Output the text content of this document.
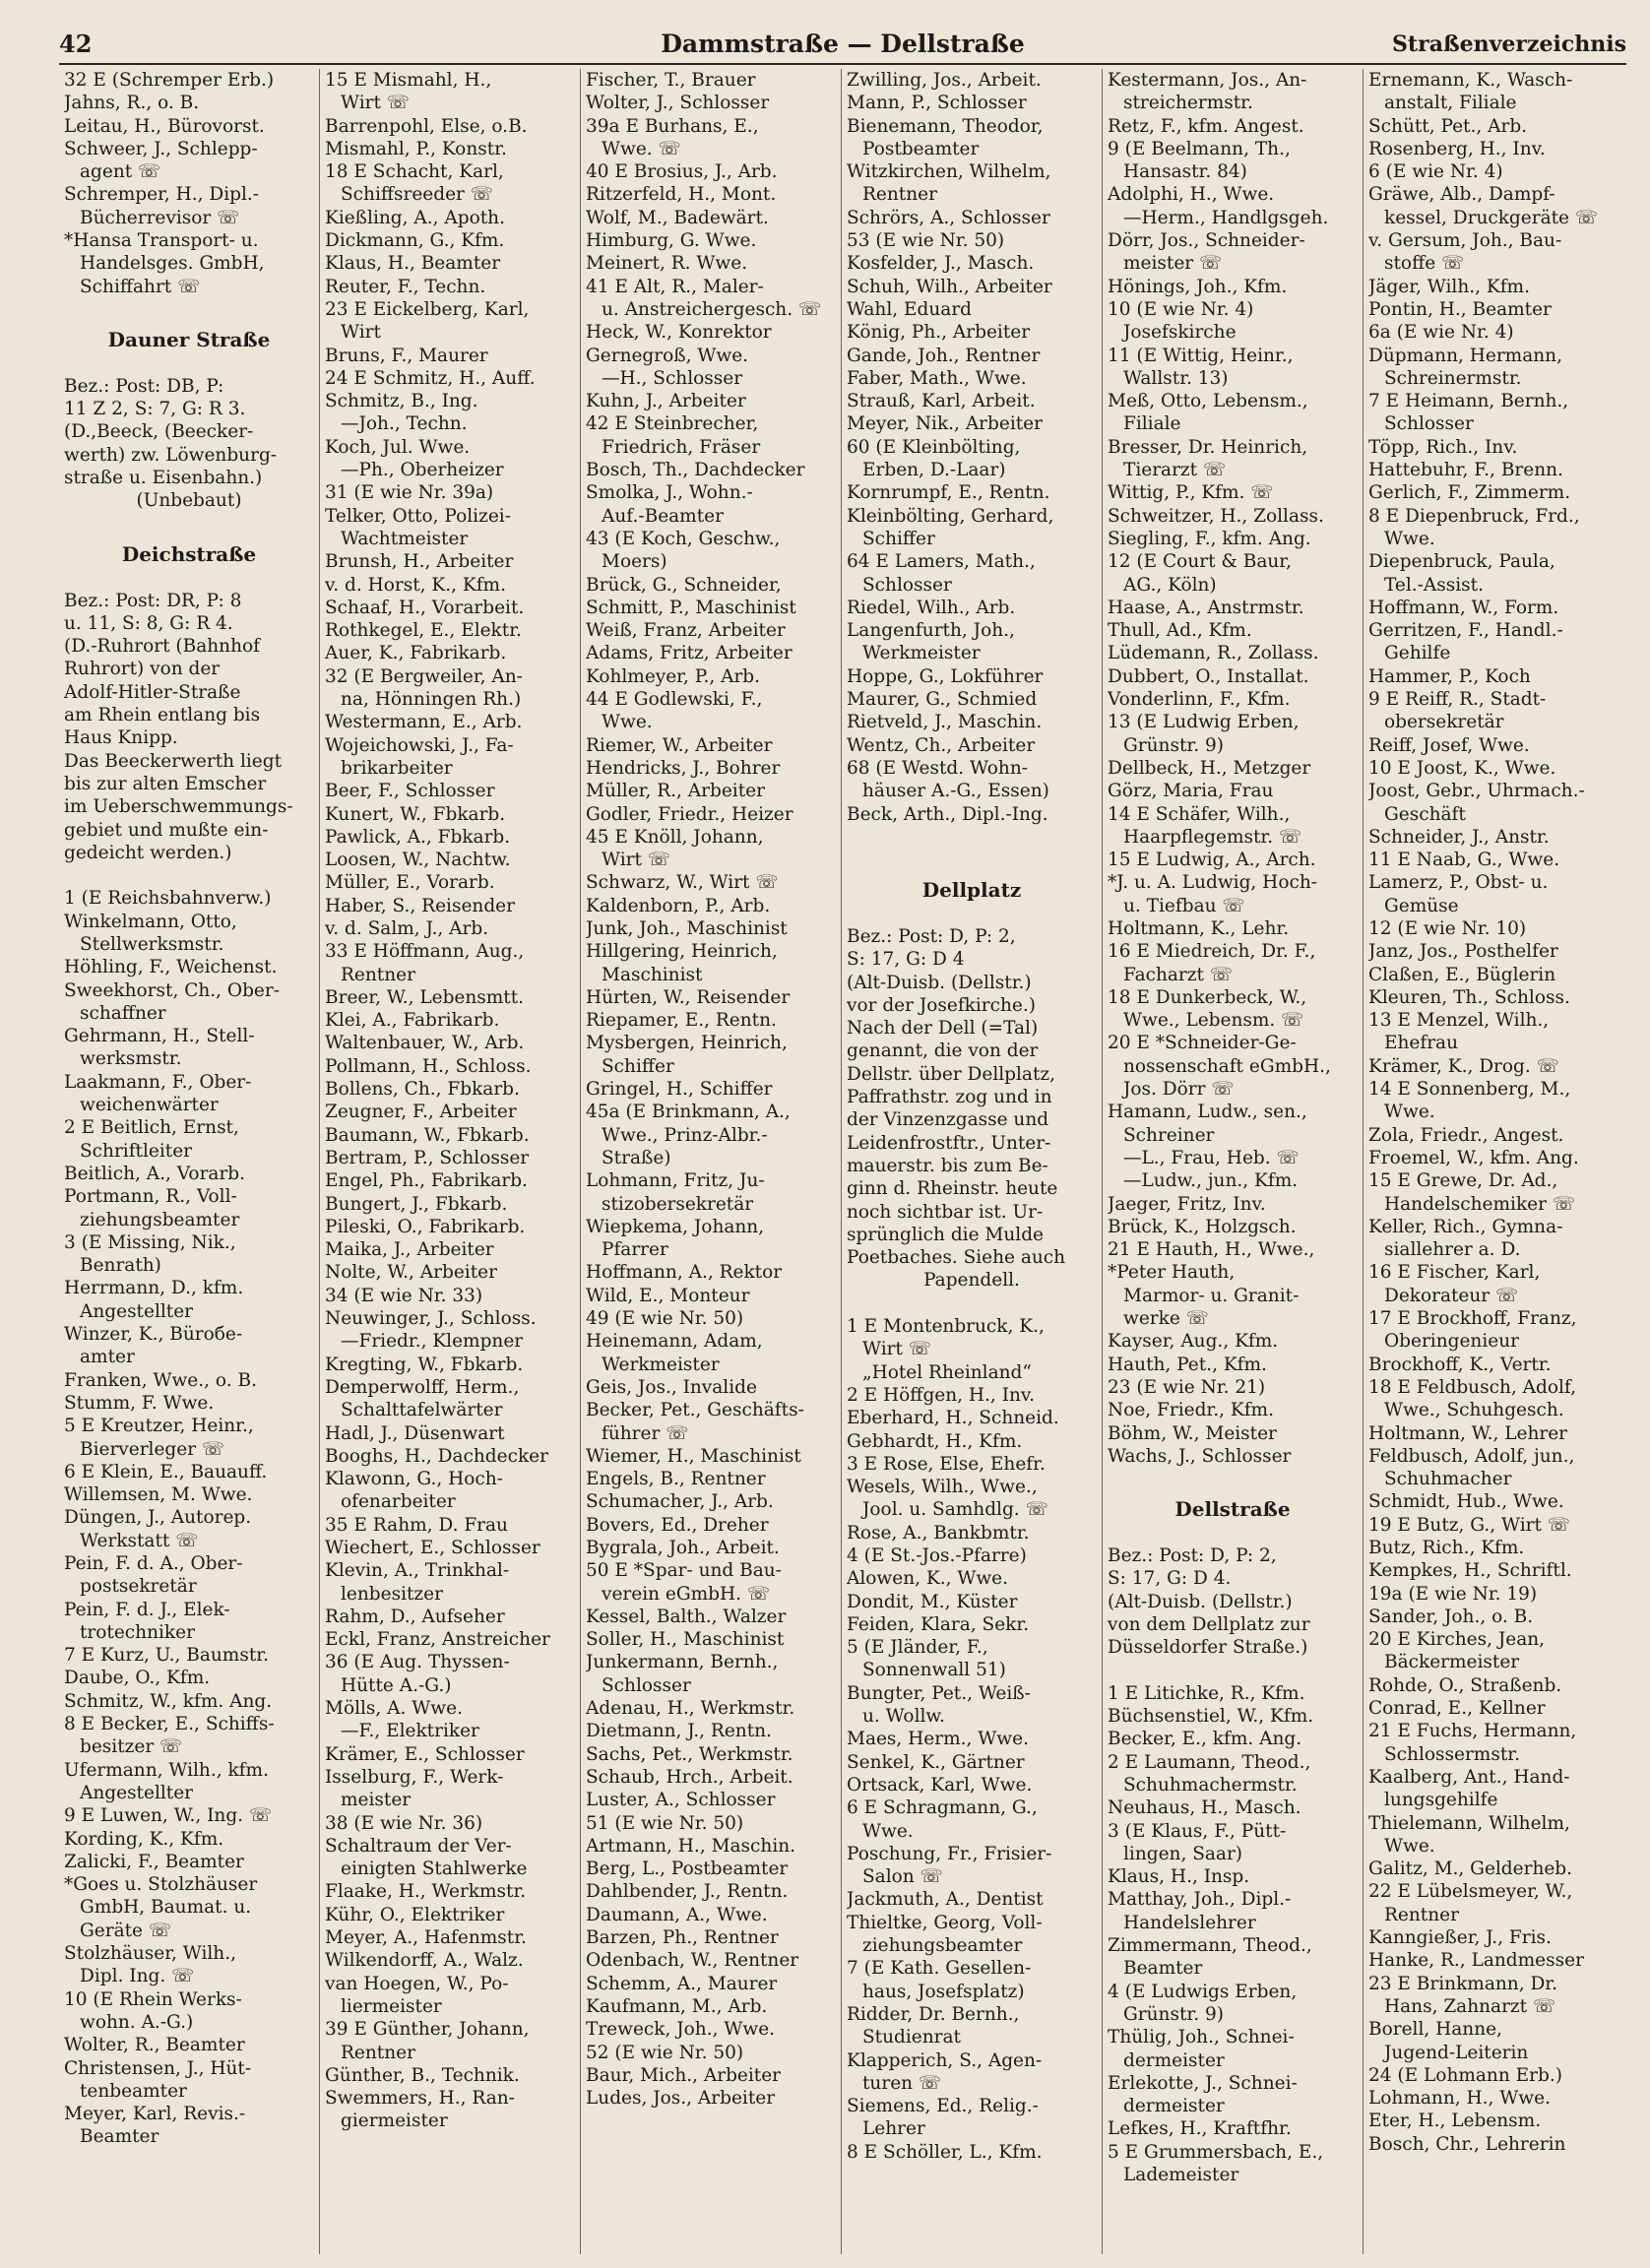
42	Dammstraße — Dellstraße	Straßenverzeichnis
32 E (Schremper Erb.)
Jahns, R., o. B.
Leitau, H., Bürovorst.
Schweer, J., Schlepp-
agent ☏
Schremper, H., Dipl.-
Bücherrevisor ☏
*Hansa Transport- u.
Handelsges. GmbH,
Schiffahrt ☏
Dauner Straße
Bez.: Post: DB, P:
11 Z 2, S: 7, G: R 3.
(D.,Beeck, (Beecker-
werth) zw. Löwenburg-
straße u. Eisenbahn.)
(Unbebaut)
Deichstraße
Bez.: Post: DR, P: 8
u. 11, S: 8, G: R 4.
(D.-Ruhrort (Bahnhof
Ruhrort) von der
Adolf-Hitler-Straße
am Rhein entlang bis
Haus Knipp.
Das Beeckerwerth liegt
bis zur alten Emscher
im Ueberschwemmungs-
gebiet und mußte ein-
gedeicht werden.)
1 (E Reichsbahnverw.)
Winkelmann, Otto,
Stellwerksmstr.
Höhling, F., Weichenst.
Sweekhorst, Ch., Ober-
schaffner
Gehrmann, H., Stell-
werksmstr.
Laakmann, F., Ober-
weichenwärter
2 E Beitlich, Ernst,
Schriftleiter
Beitlich, A., Vorarb.
Portmann, R., Voll-
ziehungsbeamter
3 (E Missing, Nik.,
Benrath)
Herrmann, D., kfm.
Angestellter
Winzer, K., Büroбe-
amter
Franken, Wwe., o. B.
Stumm, F. Wwe.
5 E Kreutzer, Heinr.,
Bierverleger ☏
6 E Klein, E., Bauauff.
Willemsen, M. Wwe.
Düngen, J., Autorep.
Werkstatt ☏
Pein, F. d. A., Ober-
postsekretär
Pein, F. d. J., Elek-
trotechniker
7 E Kurz, U., Baumstr.
Daube, O., Kfm.
Schmitz, W., kfm. Ang.
8 E Becker, E., Schiffs-
besitzer ☏
Ufermann, Wilh., kfm.
Angestellter
9 E Luwen, W., Ing. ☏
Kording, K., Kfm.
Zalicki, F., Beamter
*Goes u. Stolzhäuser
GmbH, Baumat. u.
Geräte ☏
Stolzhäuser, Wilh.,
Dipl. Ing. ☏
10 (E Rhein Werks-
wohn. A.-G.)
Wolter, R., Beamter
Christensen, J., Hüt-
tenbeamter
Meyer, Karl, Revis.-
Beamter
15 E Mismahl, H.,
Wirt ☏
Barrenpohl, Else, o.B.
Mismahl, P., Konstr.
18 E Schacht, Karl,
Schiffsreeder ☏
Kießling, A., Apoth.
Dickmann, G., Kfm.
Klaus, H., Beamter
Reuter, F., Techn.
23 E Eickelberg, Karl,
Wirt
Bruns, F., Maurer
24 E Schmitz, H., Auff.
Schmitz, B., Ing.
—Joh., Techn.
Koch, Jul. Wwe.
—Ph., Oberheizer
31 (E wie Nr. 39a)
Telker, Otto, Polizei-
Wachtmeister
Brunsh, H., Arbeiter
v. d. Horst, K., Kfm.
Schaaf, H., Vorarbeit.
Rothkegel, E., Elektr.
Auer, K., Fabrikarb.
32 (E Bergweiler, An-
na, Hönningen Rh.)
Westermann, E., Arb.
Wojeichowski, J., Fa-
brikarbeiter
Beer, F., Schlosser
Kunert, W., Fbkarb.
Pawlick, A., Fbkarb.
Loosen, W., Nachtw.
Müller, E., Vorarb.
Haber, S., Reisender
v. d. Salm, J., Arb.
33 E Höffmann, Aug.,
Rentner
Breer, W., Lebensmtt.
Klei, A., Fabrikarb.
Waltenbauer, W., Arb.
Pollmann, H., Schloss.
Bollens, Ch., Fbkarb.
Zeugner, F., Arbeiter
Baumann, W., Fbkarb.
Bertram, P., Schlosser
Engel, Ph., Fabrikarb.
Bungert, J., Fbkarb.
Pileski, O., Fabrikarb.
Maika, J., Arbeiter
Nolte, W., Arbeiter
34 (E wie Nr. 33)
Neuwinger, J., Schloss.
—Friedr., Klempner
Kregting, W., Fbkarb.
Demperwolff, Herm.,
Schalttafelwärter
Hadl, J., Düsenwart
Booghs, H., Dachdecker
Klawonn, G., Hoch-
ofenarbeiter
35 E Rahm, D. Frau
Wiechert, E., Schlosser
Klevin, A., Trinkhal-
lenbesitzer
Rahm, D., Aufseher
Eckl, Franz, Anstreicher
36 (E Aug. Thyssen-
Hütte A.-G.)
Mölls, A. Wwe.
—F., Elektriker
Krämer, E., Schlosser
Isselburg, F., Werk-
meister
38 (E wie Nr. 36)
Schaltraum der Ver-
einigten Stahlwerke
Flaake, H., Werkmstr.
Kühr, O., Elektriker
Meyer, A., Hafenmstr.
Wilkendorff, A., Walz.
van Hoegen, W., Po-
liermeister
39 E Günther, Johann,
Rentner
Günther, B., Technik.
Swemmers, H., Ran-
giermeister
Fischer, T., Brauer
Wolter, J., Schlosser
39a E Burhans, E.,
Wwe. ☏
40 E Brosius, J., Arb.
Ritzerfeld, H., Mont.
Wolf, M., Badewärt.
Himburg, G. Wwe.
Meinert, R. Wwe.
41 E Alt, R., Maler-
u. Anstreichergesch. ☏
Heck, W., Konrektor
Gernegroß, Wwe.
—H., Schlosser
Kuhn, J., Arbeiter
42 E Steinbrecher,
Friedrich, Fräser
Bosch, Th., Dachdecker
Smolka, J., Wohn.-
Auf.-Beamter
43 (E Koch, Geschw.,
Moers)
Brück, G., Schneider,
Schmitt, P., Maschinist
Weiß, Franz, Arbeiter
Adams, Fritz, Arbeiter
Kohlmeyer, P., Arb.
44 E Godlewski, F.,
Wwe.
Riemer, W., Arbeiter
Hendricks, J., Bohrer
Müller, R., Arbeiter
Godler, Friedr., Heizer
45 E Knöll, Johann,
Wirt ☏
Schwarz, W., Wirt ☏
Kaldenborn, P., Arb.
Junk, Joh., Maschinist
Hillgering, Heinrich,
Maschinist
Hürten, W., Reisender
Riepamer, E., Rentn.
Mysbergen, Heinrich,
Schiffer
Gringel, H., Schiffer
45a (E Brinkmann, A.,
Wwe., Prinz-Albr.-
Straße)
Lohmann, Fritz, Ju-
stizobersekretär
Wiepkema, Johann,
Pfarrer
Hoffmann, A., Rektor
Wild, E., Monteur
49 (E wie Nr. 50)
Heinemann, Adam,
Werkmeister
Geis, Jos., Invalide
Becker, Pet., Geschäfts-
führer ☏
Wiemer, H., Maschinist
Engels, B., Rentner
Schumacher, J., Arb.
Bovers, Ed., Dreher
Bygrala, Joh., Arbeit.
50 E *Spar- und Bau-
verein eGmbH. ☏
Kessel, Balth., Walzer
Soller, H., Maschinist
Junkermann, Bernh.,
Schlosser
Adenau, H., Werkmstr.
Dietmann, J., Rentn.
Sachs, Pet., Werkmstr.
Schaub, Hrch., Arbeit.
Luster, A., Schlosser
51 (E wie Nr. 50)
Artmann, H., Maschin.
Berg, L., Postbeamter
Dahlbender, J., Rentn.
Daumann, A., Wwe.
Barzen, Ph., Rentner
Odenbach, W., Rentner
Schemm, A., Maurer
Kaufmann, M., Arb.
Treweck, Joh., Wwe.
52 (E wie Nr. 50)
Baur, Mich., Arbeiter
Ludes, Jos., Arbeiter
Zwilling, Jos., Arbeit.
Mann, P., Schlosser
Bienemann, Theodor,
Postbeamter
Witzkirchen, Wilhelm,
Rentner
Schrörs, A., Schlosser
53 (E wie Nr. 50)
Kosfelder, J., Masch.
Schuh, Wilh., Arbeiter
Wahl, Eduard
König, Ph., Arbeiter
Gande, Joh., Rentner
Faber, Math., Wwe.
Strauß, Karl, Arbeit.
Meyer, Nik., Arbeiter
60 (E Kleinbölting,
Erben, D.-Laar)
Kornrumpf, E., Rentn.
Kleinbölting, Gerhard,
Schiffer
64 E Lamers, Math.,
Schlosser
Riedel, Wilh., Arb.
Langenfurth, Joh.,
Werkmeister
Hoppe, G., Lokführer
Maurer, G., Schmied
Rietveld, J., Maschin.
Wentz, Ch., Arbeiter
68 (E Westd. Wohn-
häuser A.-G., Essen)
Beck, Arth., Dipl.-Ing.
Dellplatz
Bez.: Post: D, P: 2,
S: 17, G: D 4
(Alt-Duisb. (Dellstr.)
vor der Josefkirche.)
Nach der Dell (=Tal)
genannt, die von der
Dellstr. über Dellplatz,
Paffrathstr. zog und in
der Vinzenzgasse und
Leidenfrostftr., Unter-
mauerstr. bis zum Be-
ginn d. Rheinstr. heute
noch sichtbar ist. Ur-
sprünglich die Mulde
Poetbaches. Siehe auch
Papendell.
1 E Montenbruck, K.,
Wirt ☏
„Hotel Rheinland“
2 E Höffgen, H., Inv.
Eberhard, H., Schneid.
Gebhardt, H., Kfm.
3 E Rose, Else, Ehefr.
Wesels, Wilh., Wwe.,
Jool. u. Samhdlg. ☏
Rose, A., Bankbmtr.
4 (E St.-Jos.-Pfarre)
Alowen, K., Wwe.
Dondit, M., Küster
Feiden, Klara, Sekr.
5 (E Jländer, F.,
Sonnenwall 51)
Bungter, Pet., Weiß-
u. Wollw.
Maes, Herm., Wwe.
Senkel, K., Gärtner
Ortsack, Karl, Wwe.
6 E Schragmann, G.,
Wwe.
Poschung, Fr., Frisier-
Salon ☏
Jackmuth, A., Dentist
Thieltke, Georg, Voll-
ziehungsbeamter
7 (E Kath. Gesellen-
haus, Josefsplatz)
Ridder, Dr. Bernh.,
Studienrat
Klapperich, S., Agen-
turen ☏
Siemens, Ed., Relig.-
Lehrer
8 E Schöller, L., Kfm.
Kestermann, Jos., An-
streichermstr.
Retz, F., kfm. Angest.
9 (E Beelmann, Th.,
Hansastr. 84)
Adolphi, H., Wwe.
—Herm., Handlgsgeh.
Dörr, Jos., Schneider-
meister ☏
Hönings, Joh., Kfm.
10 (E wie Nr. 4)
Josefskirche
11 (E Wittig, Heinr.,
Wallstr. 13)
Meß, Otto, Lebensm.,
Filiale
Bresser, Dr. Heinrich,
Tierarzt ☏
Wittig, P., Kfm. ☏
Schweitzer, H., Zollass.
Siegling, F., kfm. Ang.
12 (E Court & Baur,
AG., Köln)
Haase, A., Anstrmstr.
Thull, Ad., Kfm.
Lüdemann, R., Zollass.
Dubbert, O., Installat.
Vonderlinn, F., Kfm.
13 (E Ludwig Erben,
Grünstr. 9)
Dellbeck, H., Metzger
Görz, Maria, Frau
14 E Schäfer, Wilh.,
Haarpflegemstr. ☏
15 E Ludwig, A., Arch.
*J. u. A. Ludwig, Hoch-
u. Tiefbau ☏
Holtmann, K., Lehr.
16 E Miedreich, Dr. F.,
Facharzt ☏
18 E Dunkerbeck, W.,
Wwe., Lebensm. ☏
20 E *Schneider-Ge-
nossenschaft eGmbH.,
Jos. Dörr ☏
Hamann, Ludw., sen.,
Schreiner
—L., Frau, Heb. ☏
—Ludw., jun., Kfm.
Jaeger, Fritz, Inv.
Brück, K., Holzgsch.
21 E Hauth, H., Wwe.,
*Peter Hauth,
Marmor- u. Granit-
werke ☏
Kayser, Aug., Kfm.
Hauth, Pet., Kfm.
23 (E wie Nr. 21)
Noe, Friedr., Kfm.
Böhm, W., Meister
Wachs, J., Schlosser
Dellstraße
Bez.: Post: D, P: 2,
S: 17, G: D 4.
(Alt-Duisb. (Dellstr.)
von dem Dellplatz zur
Düsseldorfer Straße.)
1 E Litichke, R., Kfm.
Büchsenstiel, W., Kfm.
Becker, E., kfm. Ang.
2 E Laumann, Theod.,
Schuhmachermstr.
Neuhaus, H., Masch.
3 (E Klaus, F., Pütt-
lingen, Saar)
Klaus, H., Insp.
Matthay, Joh., Dipl.-
Handelslehrer
Zimmermann, Theod.,
Beamter
4 (E Ludwigs Erben,
Grünstr. 9)
Thülig, Joh., Schnei-
dermeister
Erlekotte, J., Schnei-
dermeister
Lefkes, H., Kraftfhr.
5 E Grummersbach, E.,
Lademeister
Ernemann, K., Wasch-
anstalt, Filiale
Schütt, Pet., Arb.
Rosenberg, H., Inv.
6 (E wie Nr. 4)
Gräwe, Alb., Dampf-
kessel, Druckgeräte ☏
v. Gersum, Joh., Bau-
stoffe ☏
Jäger, Wilh., Kfm.
Pontin, H., Beamter
6a (E wie Nr. 4)
Düpmann, Hermann,
Schreinermstr.
7 E Heimann, Bernh.,
Schlosser
Töpp, Rich., Inv.
Hattebuhr, F., Brenn.
Gerlich, F., Zimmerm.
8 E Diepenbruck, Frd.,
Wwe.
Diepenbruck, Paula,
Tel.-Assist.
Hoffmann, W., Form.
Gerritzen, F., Handl.-
Gehilfe
Hammer, P., Koch
9 E Reiff, R., Stadt-
obersekretär
Reiff, Josef, Wwe.
10 E Joost, K., Wwe.
Joost, Gebr., Uhrmach.-
Geschäft
Schneider, J., Anstr.
11 E Naab, G., Wwe.
Lamerz, P., Obst- u.
Gemüse
12 (E wie Nr. 10)
Janz, Jos., Posthelfer
Claßen, E., Büglerin
Kleuren, Th., Schloss.
13 E Menzel, Wilh.,
Ehefrau
Krämer, K., Drog. ☏
14 E Sonnenberg, M.,
Wwe.
Zola, Friedr., Angest.
Froemel, W., kfm. Ang.
15 E Grewe, Dr. Ad.,
Handelschemiker ☏
Keller, Rich., Gymna-
siallehrer a. D.
16 E Fischer, Karl,
Dekorateur ☏
17 E Brockhoff, Franz,
Oberingenieur
Brockhoff, K., Vertr.
18 E Feldbusch, Adolf,
Wwe., Schuhgesch.
Holtmann, W., Lehrer
Feldbusch, Adolf, jun.,
Schuhmacher
Schmidt, Hub., Wwe.
19 E Butz, G., Wirt ☏
Butz, Rich., Kfm.
Kempkes, H., Schriftl.
19a (E wie Nr. 19)
Sander, Joh., o. B.
20 E Kirches, Jean,
Bäckermeister
Rohde, O., Straßenb.
Conrad, E., Kellner
21 E Fuchs, Hermann,
Schlossermstr.
Kaalberg, Ant., Hand-
lungsgehilfe
Thielemann, Wilhelm,
Wwe.
Galitz, M., Gelderheb.
22 E Lübelsmeyer, W.,
Rentner
Kanngießer, J., Fris.
Hanke, R., Landmesser
23 E Brinkmann, Dr.
Hans, Zahnarzt ☏
Borell, Hanne,
Jugend-Leiterin
24 (E Lohmann Erb.)
Lohmann, H., Wwe.
Eter, H., Lebensm.
Bosch, Chr., Lehrerin
